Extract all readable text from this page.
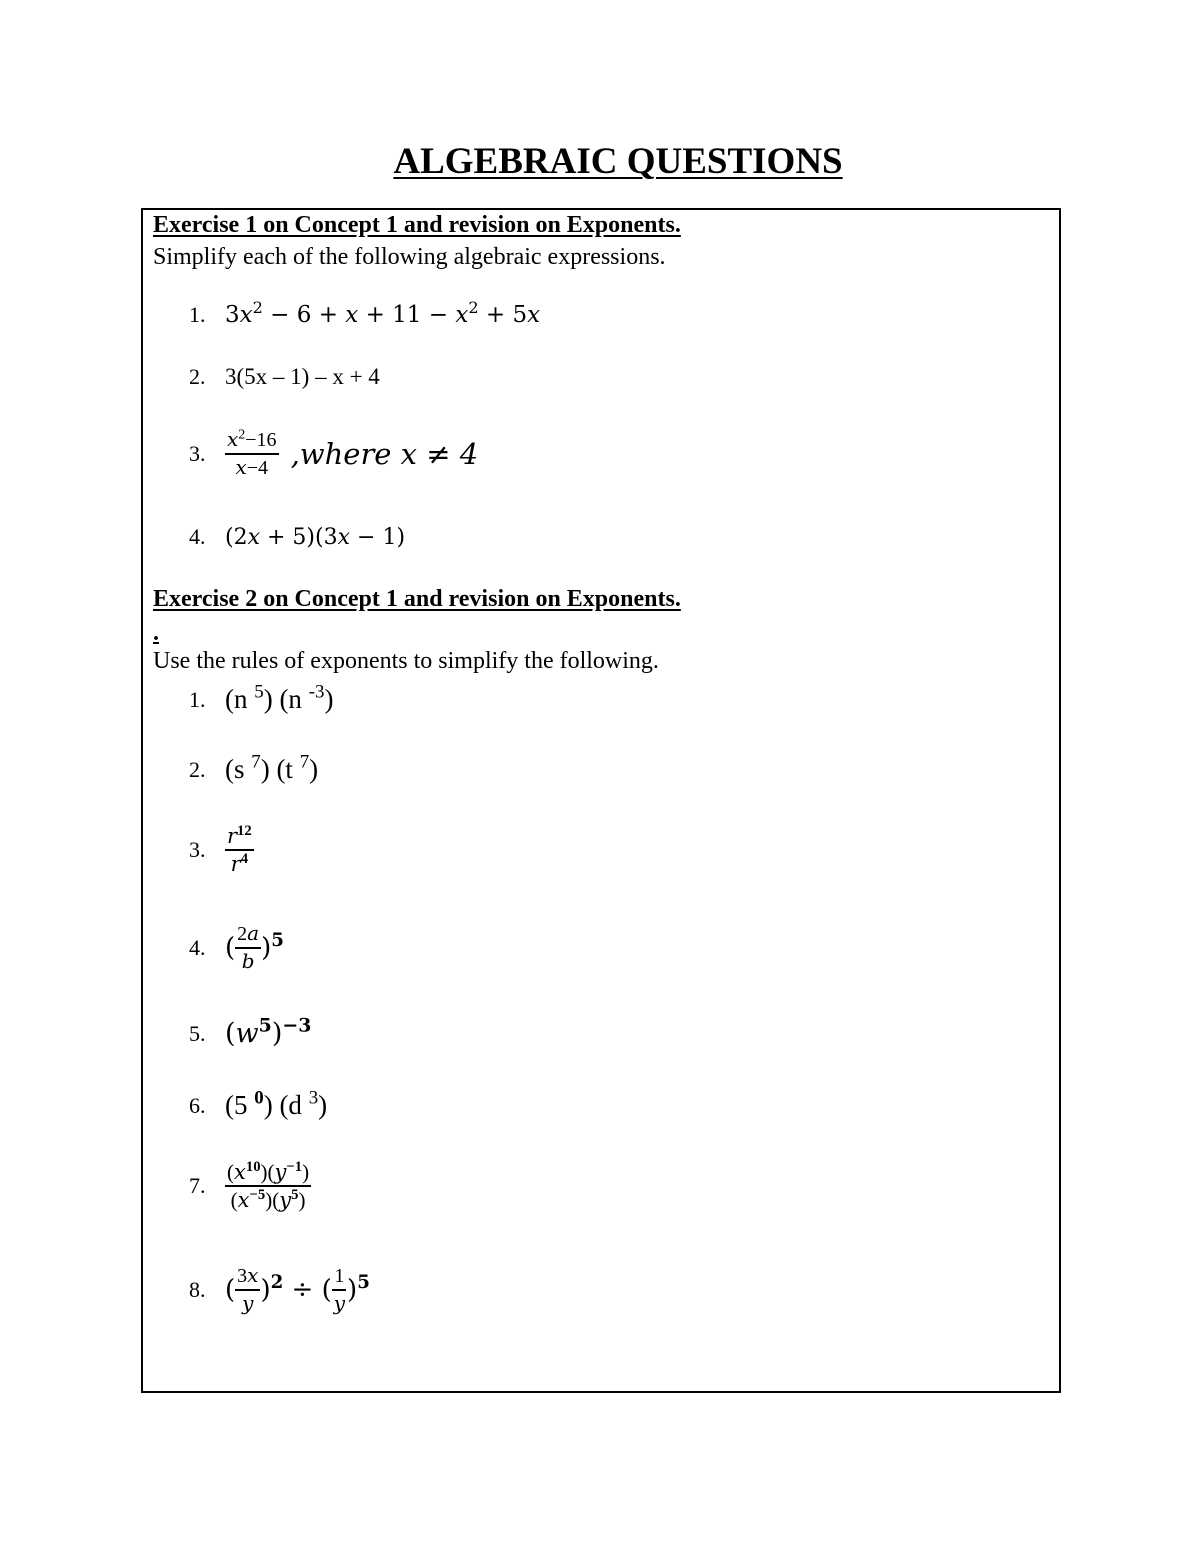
ALGEBRAIC QUESTIONS
Exercise 1 on Concept 1 and revision on Exponents.
Simplify each of the following algebraic expressions.
1. $3x^2 - 6 + x + 11 - x^2 + 5x$
2. 3(5x – 1) – x + 4
3. $\frac{x^2-16}{x-4}$ ,where x ≠ 4
4. (2x + 5)(3x − 1)
Exercise 2 on Concept 1 and revision on Exponents.
.
Use the rules of exponents to simplify the following.
1. (n $^5$) (n $^{-3}$)
2. (s $^7$) (t $^7$)
3. $\frac{r^{12}}{r^4}$
4. ( $\frac{2a}{b} )^5$
5. $(w^5)^{-3}$
6. (5 $^0$) (d $^3$)
7. $\frac{(x^{10})(y^{-1})}{(x^{-5})(y^5)}$
8. ( $\frac{3x}{y} )^2$ ÷ ( $\frac{1}{y} )^5$
